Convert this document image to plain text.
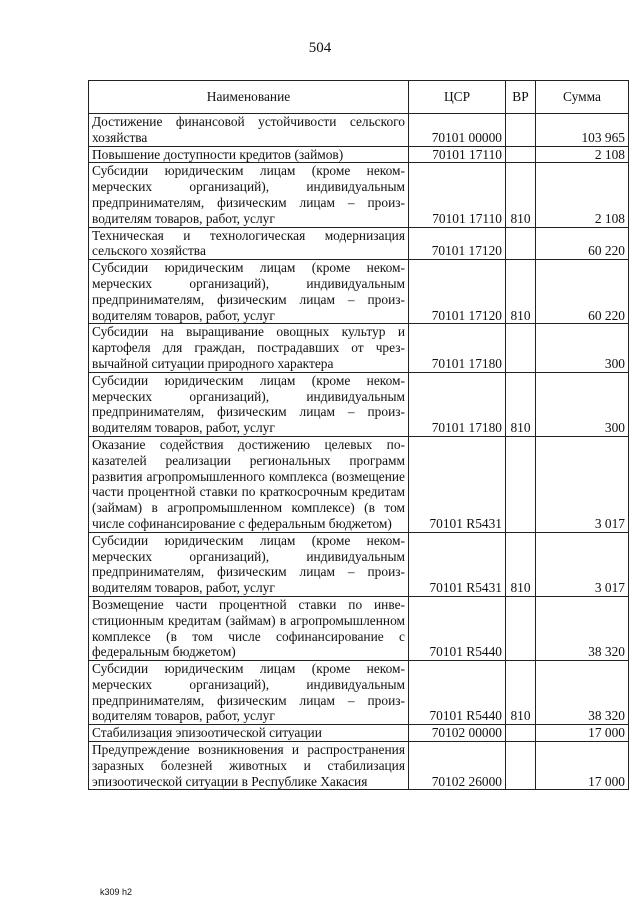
504
Наименование	ЦСР	ВР	Сумма
Достижение финансовой устойчивости сельского хозяйства	70101 00000		103 965
Повышение доступности кредитов (займов)	70101 17110		2 108
Субсидии юридическим лицам (кроме некоммерческих организаций), индивидуальным предпринимателям, физическим лицам – производителям товаров, работ, услуг	70101 17110	810	2 108
Техническая и технологическая модернизация сельского хозяйства	70101 17120		60 220
Субсидии юридическим лицам (кроме некоммерческих организаций), индивидуальным предпринимателям, физическим лицам – производителям товаров, работ, услуг	70101 17120	810	60 220
Субсидии на выращивание овощных культур и картофеля для граждан, пострадавших от чрезвычайной ситуации природного характера	70101 17180		300
Субсидии юридическим лицам (кроме некоммерческих организаций), индивидуальным предпринимателям, физическим лицам – производителям товаров, работ, услуг	70101 17180	810	300
Оказание содействия достижению целевых показателей реализации региональных программ развития агропромышленного комплекса (возмещение части процентной ставки по краткосрочным кредитам (займам) в агропромышленном комплексе) (в том числе софинансирование с федеральным бюджетом)	70101 R5431		3 017
Субсидии юридическим лицам (кроме некоммерческих организаций), индивидуальным предпринимателям, физическим лицам – производителям товаров, работ, услуг	70101 R5431	810	3 017
Возмещение части процентной ставки по инвестиционным кредитам (займам) в агропромышленном комплексе (в том числе софинансирование с федеральным бюджетом)	70101 R5440		38 320
Субсидии юридическим лицам (кроме некоммерческих организаций), индивидуальным предпринимателям, физическим лицам – производителям товаров, работ, услуг	70101 R5440	810	38 320
Стабилизация эпизоотической ситуации	70102 00000		17 000
Предупреждение возникновения и распространения заразных болезней животных и стабилизация эпизоотической ситуации в Республике Хакасия	70102 26000		17 000
k309 h2
